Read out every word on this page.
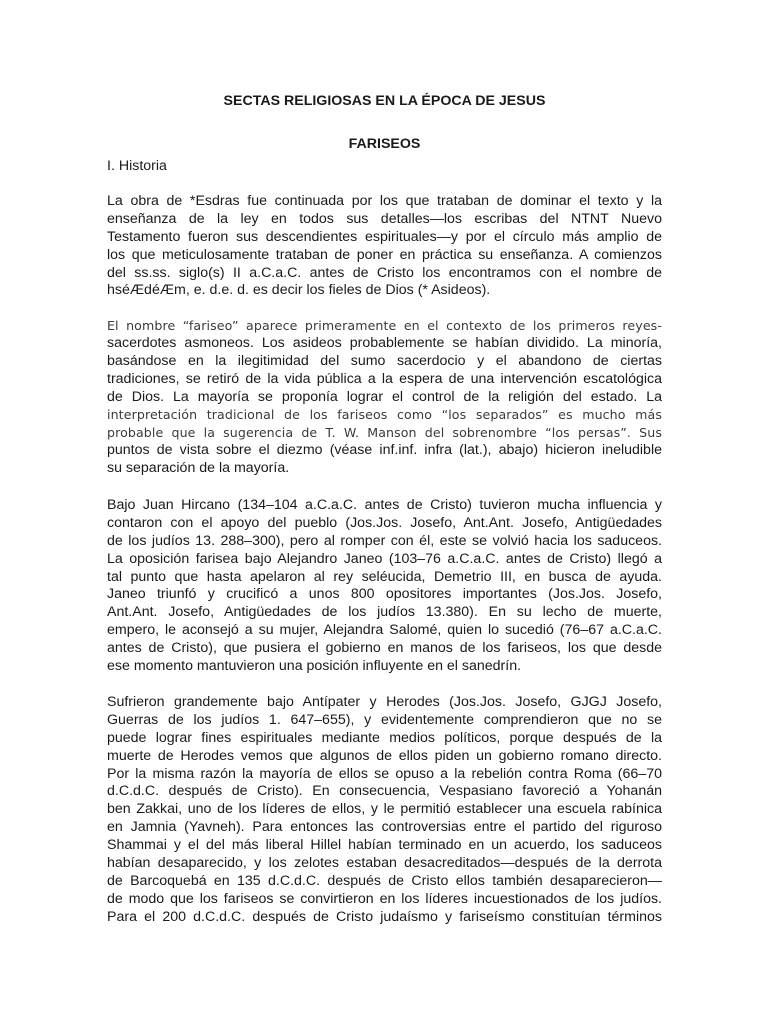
SECTAS RELIGIOSAS EN LA ÉPOCA DE JESUS
FARISEOS
I. Historia
La obra de *Esdras fue continuada por los que trataban de dominar el texto y la
enseñanza de la ley en todos sus detalles—los escribas del NTNT Nuevo
Testamento fueron sus descendientes espirituales—y por el círculo más amplio de
los que meticulosamente trataban de poner en práctica su enseñanza. A comienzos
del ss.ss. siglo(s) II a.C.a.C. antes de Cristo los encontramos con el nombre de
hséÆdéÆm, e. d.e. d. es decir los fieles de Dios (* Asideos).
El nombre “fariseo” aparece primeramente en el contexto de los primeros reyes-
sacerdotes asmoneos. Los asideos probablemente se habían dividido. La minoría,
basándose en la ilegitimidad del sumo sacerdocio y el abandono de ciertas
tradiciones, se retiró de la vida pública a la espera de una intervención escatológica
de Dios. La mayoría se proponía lograr el control de la religión del estado. La
interpretación tradicional de los fariseos como “los separados” es mucho más
probable que la sugerencia de T. W. Manson del sobrenombre “los persas”. Sus
puntos de vista sobre el diezmo (véase inf.inf. infra (lat.), abajo) hicieron ineludible
su separación de la mayoría.
Bajo Juan Hircano (134–104 a.C.a.C. antes de Cristo) tuvieron mucha influencia y
contaron con el apoyo del pueblo (Jos.Jos. Josefo, Ant.Ant. Josefo, Antigüedades
de los judíos 13. 288–300), pero al romper con él, este se volvió hacia los saduceos.
La oposición farisea bajo Alejandro Janeo (103–76 a.C.a.C. antes de Cristo) llegó a
tal punto que hasta apelaron al rey seléucida, Demetrio III, en busca de ayuda.
Janeo triunfó y crucificó a unos 800 opositores importantes (Jos.Jos. Josefo,
Ant.Ant. Josefo, Antigüedades de los judíos 13.380). En su lecho de muerte,
empero, le aconsejó a su mujer, Alejandra Salomé, quien lo sucedió (76–67 a.C.a.C.
antes de Cristo), que pusiera el gobierno en manos de los fariseos, los que desde
ese momento mantuvieron una posición influyente en el sanedrín.
Sufrieron grandemente bajo Antípater y Herodes (Jos.Jos. Josefo, GJGJ Josefo,
Guerras de los judíos 1. 647–655), y evidentemente comprendieron que no se
puede lograr fines espirituales mediante medios políticos, porque después de la
muerte de Herodes vemos que algunos de ellos piden un gobierno romano directo.
Por la misma razón la mayoría de ellos se opuso a la rebelión contra Roma (66–70
d.C.d.C. después de Cristo). En consecuencia, Vespasiano favoreció a Yohanán
ben Zakkai, uno de los líderes de ellos, y le permitió establecer una escuela rabínica
en Jamnia (Yavneh). Para entonces las controversias entre el partido del riguroso
Shammai y el del más liberal Hillel habían terminado en un acuerdo, los saduceos
habían desaparecido, y los zelotes estaban desacreditados—después de la derrota
de Barcoquebá en 135 d.C.d.C. después de Cristo ellos también desaparecieron—
de modo que los fariseos se convirtieron en los líderes incuestionados de los judíos.
Para el 200 d.C.d.C. después de Cristo judaísmo y fariseísmo constituían términos
